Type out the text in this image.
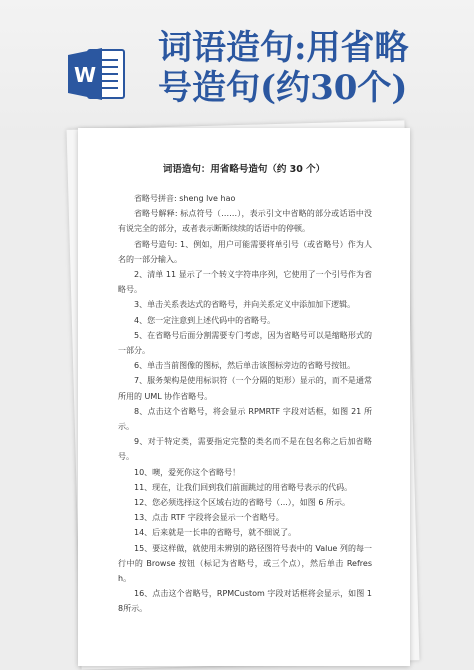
W
词语造句:用省略
号造句(约30个)
词语造句：用省略号造句（约 30 个）

省略号拼音: sheng lve hao

省略号解释: 标点符号（……），表示引文中省略的部分或话语中没有说完全的部分，或者表示断断续续的话语中的停顿。

省略号造句: 1、例如，用户可能需要将单引号（或省略号）作为人名的一部分输入。

2、清单 11 显示了一个转义字符串序列，它使用了一个引号作为省略号。

3、单击关系表达式的省略号，并向关系定义中添加加下逻辑。

4、您一定注意到上述代码中的省略号。

5、在省略号后面分割需要专门考虑，因为省略号可以是缩略形式的一部分。

6、单击当前图像的图标，然后单击该图标旁边的省略号按钮。

7、服务架构是使用标识符（一个分隔的矩形）显示的，而不是通常所用的 UML 协作省略号。

8、点击这个省略号，将会显示 RPMRTF 字段对话框，如图 21 所示。

9、对于特定类，需要指定完整的类名而不是在包名称之后加省略号。

10、噢，爱死你这个省略号！

11、现在，让我们回到我们前面跳过的用省略号表示的代码。

12、您必须选择这个区域右边的省略号（...），如图 6 所示。

13、点击 RTF 字段将会显示一个省略号。

14、后来就是一长串的省略号，就不细说了。

15、要这样做，就使用未辨别的路径图符号表中的 Value 列的每一行中的 Browse 按钮（标记为省略号，或三个点），然后单击 Refresh。

16、点击这个省略号，RPMCustom 字段对话框将会显示，如图 18所示。
